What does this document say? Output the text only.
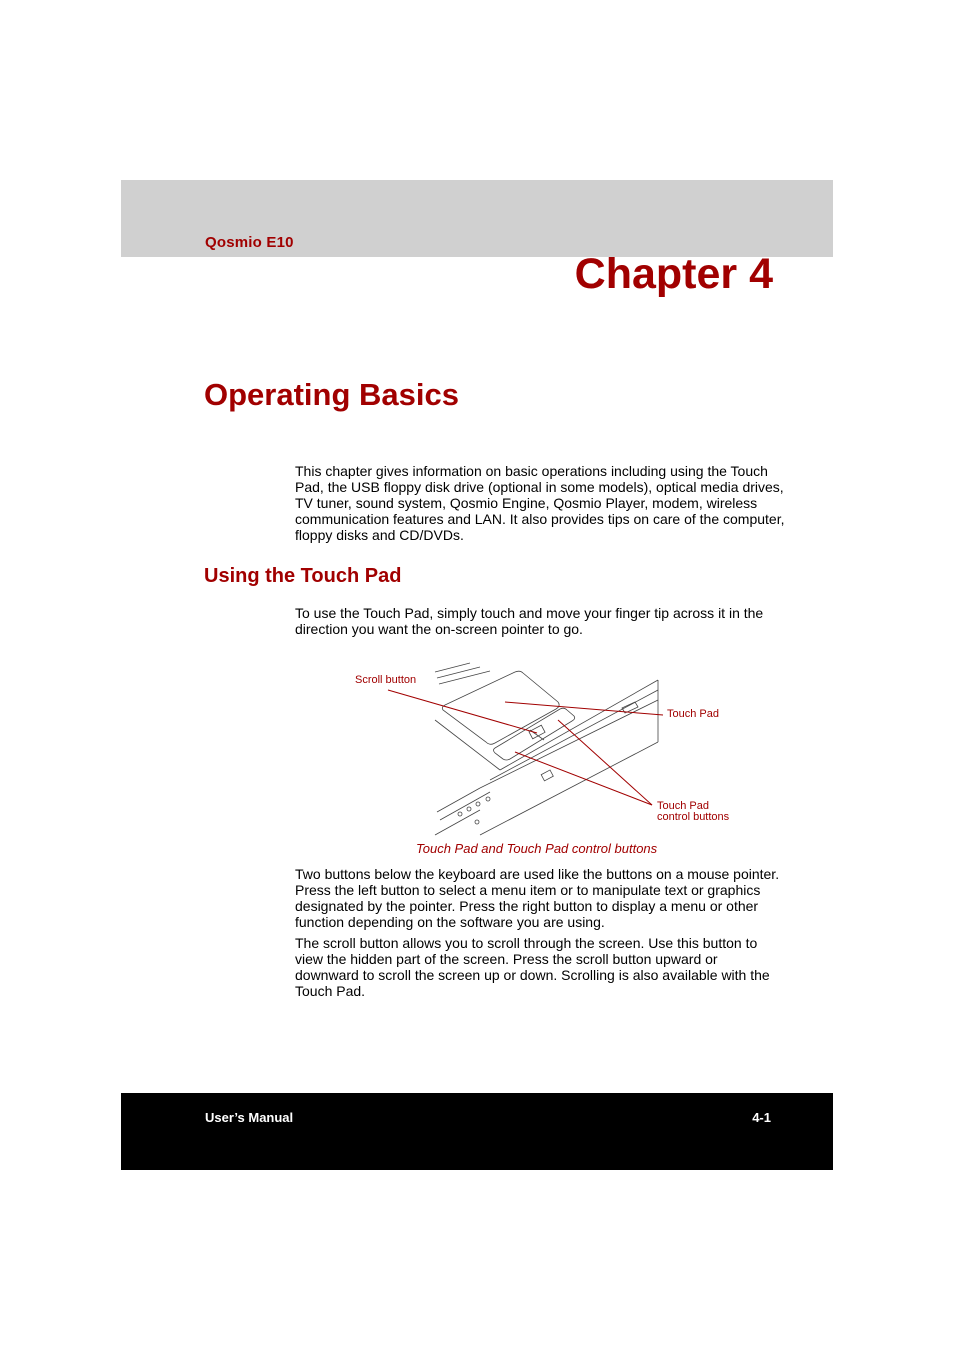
Qosmio E10
Chapter 4
Operating Basics

This chapter gives information on basic operations including using the Touch Pad, the USB floppy disk drive (optional in some models), optical media drives, TV tuner, sound system, Qosmio Engine, Qosmio Player, modem, wireless communication features and LAN. It also provides tips on care of the computer, floppy disks and CD/DVDs.

Using the Touch Pad

To use the Touch Pad, simply touch and move your finger tip across it in the direction you want the on-screen pointer to go.

Scroll button
Touch Pad
Touch Pad
control buttons
Touch Pad and Touch Pad control buttons

Two buttons below the keyboard are used like the buttons on a mouse pointer. Press the left button to select a menu item or to manipulate text or graphics designated by the pointer. Press the right button to display a menu or other function depending on the software you are using.

The scroll button allows you to scroll through the screen. Use this button to view the hidden part of the screen. Press the scroll button upward or downward to scroll the screen up or down. Scrolling is also available with the Touch Pad.

User’s Manual	4-1
